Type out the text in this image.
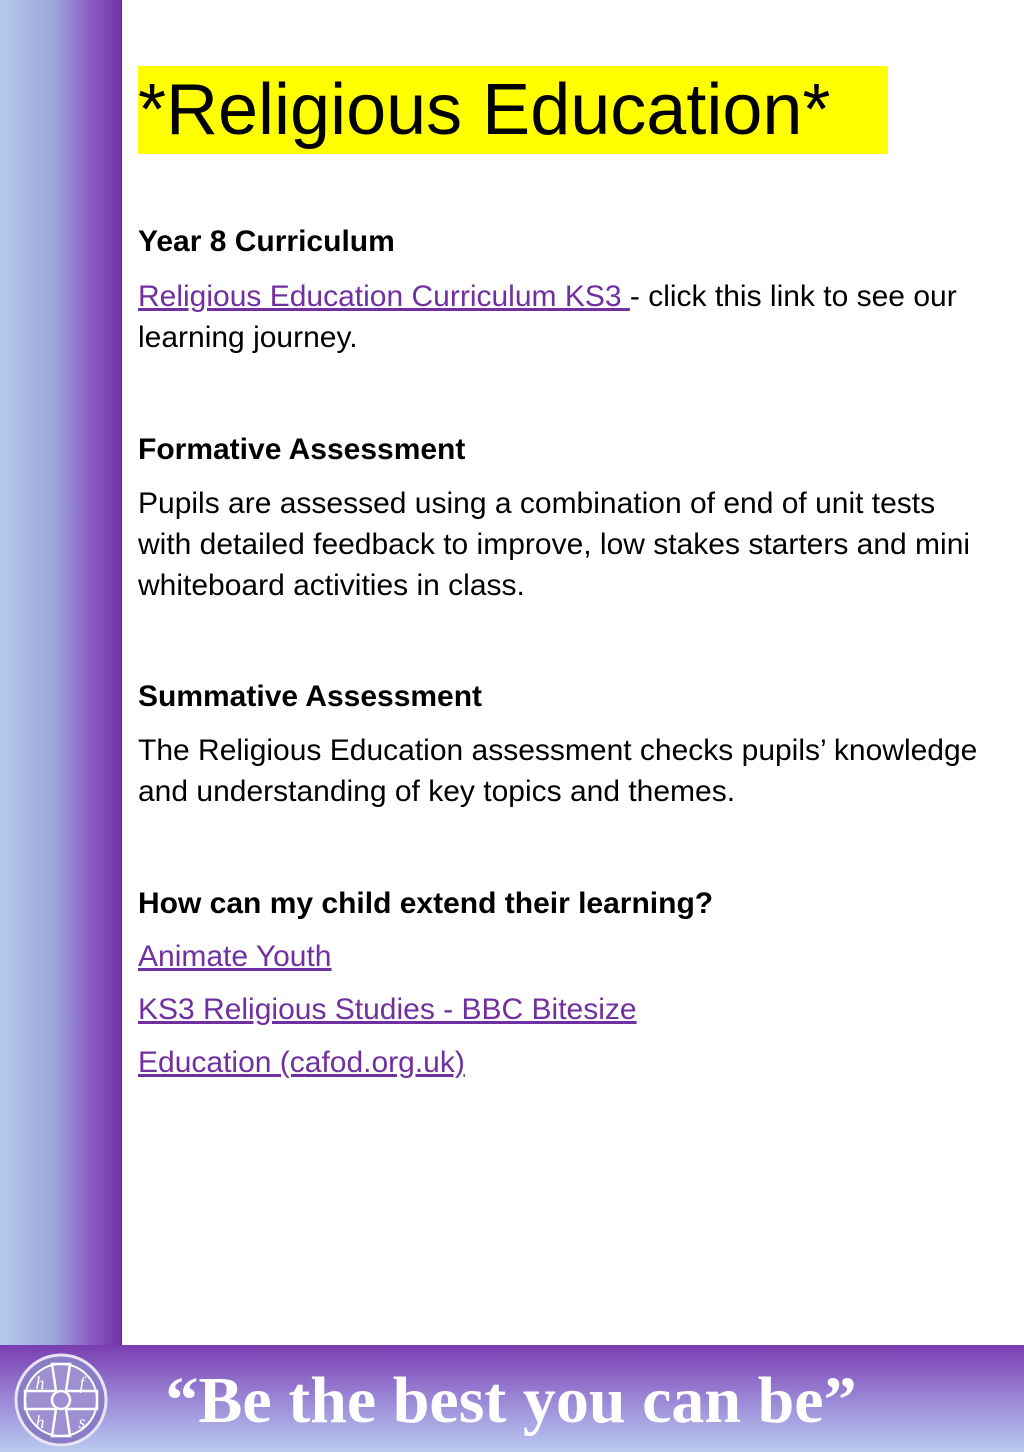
*Religious Education*

Year 8 Curriculum

Religious Education Curriculum KS3 - click this link to see our learning journey.

Formative Assessment

Pupils are assessed using a combination of end of unit tests with detailed feedback to improve, low stakes starters and mini whiteboard activities in class.

Summative Assessment

The Religious Education assessment checks pupils’ knowledge and understanding of key topics and themes.

How can my child extend their learning?

Animate Youth

KS3 Religious Studies - BBC Bitesize

Education (cafod.org.uk)

h f
h s	“Be the best you can be”
